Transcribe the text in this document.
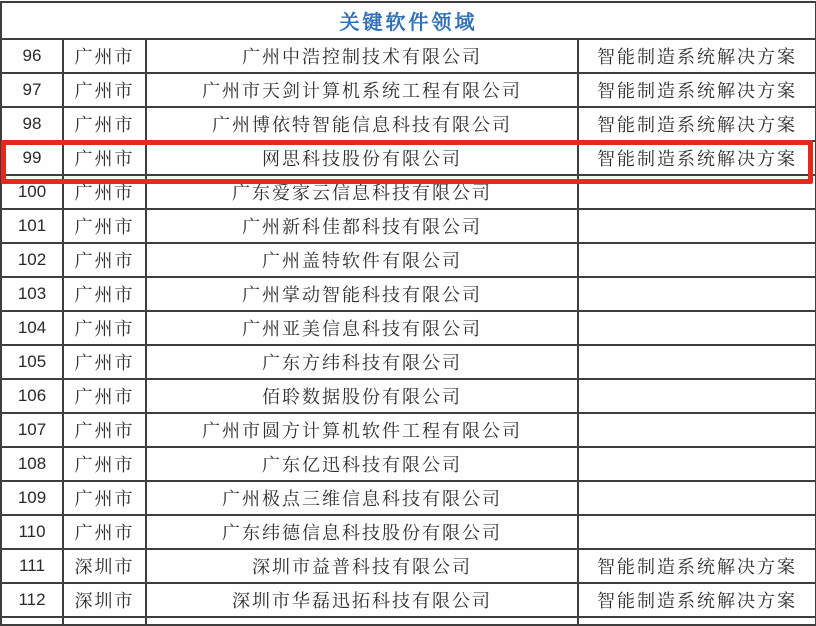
关键软件领域			
96	广州市	广州中浩控制技术有限公司	智能制造系统解决方案
97	广州市	广州市天剑计算机系统工程有限公司	智能制造系统解决方案
98	广州市	广州博依特智能信息科技有限公司	智能制造系统解决方案
99	广州市	网思科技股份有限公司	智能制造系统解决方案
100	广州市	广东爱家云信息科技有限公司	
101	广州市	广州新科佳都科技有限公司	
102	广州市	广州盖特软件有限公司	
103	广州市	广州掌动智能科技有限公司	
104	广州市	广州亚美信息科技有限公司	
105	广州市	广东方纬科技有限公司	
106	广州市	佰聆数据股份有限公司	
107	广州市	广州市圆方计算机软件工程有限公司	
108	广州市	广东亿迅科技有限公司	
109	广州市	广州极点三维信息科技有限公司	
110	广州市	广东纬德信息科技股份有限公司	
111	深圳市	深圳市益普科技有限公司	智能制造系统解决方案
112	深圳市	深圳市华磊迅拓科技有限公司	智能制造系统解决方案
